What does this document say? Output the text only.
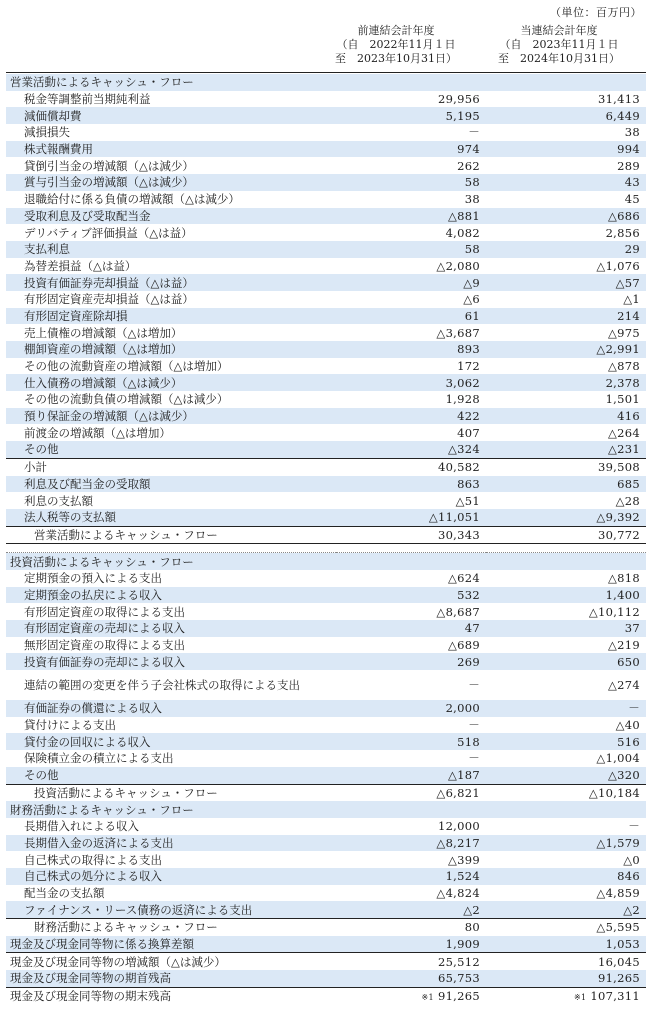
（単位：百万円）
前連結会計年度
（自　2022年11月１日
至　2023年10月31日）
当連結会計年度
（自　2023年11月１日
至　2024年10月31日）
営業活動によるキャッシュ・フロー		
税金等調整前当期純利益	29,956	31,413
減価償却費	5,195	6,449
減損損失	－	38
株式報酬費用	974	994
貸倒引当金の増減額（△は減少）	262	289
賞与引当金の増減額（△は減少）	58	43
退職給付に係る負債の増減額（△は減少）	38	45
受取利息及び受取配当金	△881	△686
デリバティブ評価損益（△は益）	4,082	2,856
支払利息	58	29
為替差損益（△は益）	△2,080	△1,076
投資有価証券売却損益（△は益）	△9	△57
有形固定資産売却損益（△は益）	△6	△1
有形固定資産除却損	61	214
売上債権の増減額（△は増加）	△3,687	△975
棚卸資産の増減額（△は増加）	893	△2,991
その他の流動資産の増減額（△は増加）	172	△878
仕入債務の増減額（△は減少）	3,062	2,378
その他の流動負債の増減額（△は減少）	1,928	1,501
預り保証金の増減額（△は減少）	422	416
前渡金の増減額（△は増加）	407	△264
その他	△324	△231
小計	40,582	39,508
利息及び配当金の受取額	863	685
利息の支払額	△51	△28
法人税等の支払額	△11,051	△9,392
営業活動によるキャッシュ・フロー	30,343	30,772

投資活動によるキャッシュ・フロー		
定期預金の預入による支出	△624	△818
定期預金の払戻による収入	532	1,400
有形固定資産の取得による支出	△8,687	△10,112
有形固定資産の売却による収入	47	37
無形固定資産の取得による支出	△689	△219
投資有価証券の売却による収入	269	650
連結の範囲の変更を伴う子会社株式の取得による支出	－	△274
有価証券の償還による収入	2,000	－
貸付けによる支出	－	△40
貸付金の回収による収入	518	516
保険積立金の積立による支出	－	△1,004
その他	△187	△320
投資活動によるキャッシュ・フロー	△6,821	△10,184
財務活動によるキャッシュ・フロー		
長期借入れによる収入	12,000	－
長期借入金の返済による支出	△8,217	△1,579
自己株式の取得による支出	△399	△0
自己株式の処分による収入	1,524	846
配当金の支払額	△4,824	△4,859
ファイナンス・リース債務の返済による支出	△2	△2
財務活動によるキャッシュ・フロー	80	△5,595
現金及び現金同等物に係る換算差額	1,909	1,053
現金及び現金同等物の増減額（△は減少）	25,512	16,045
現金及び現金同等物の期首残高	65,753	91,265
現金及び現金同等物の期末残高	※1 91,265	※1 107,311
